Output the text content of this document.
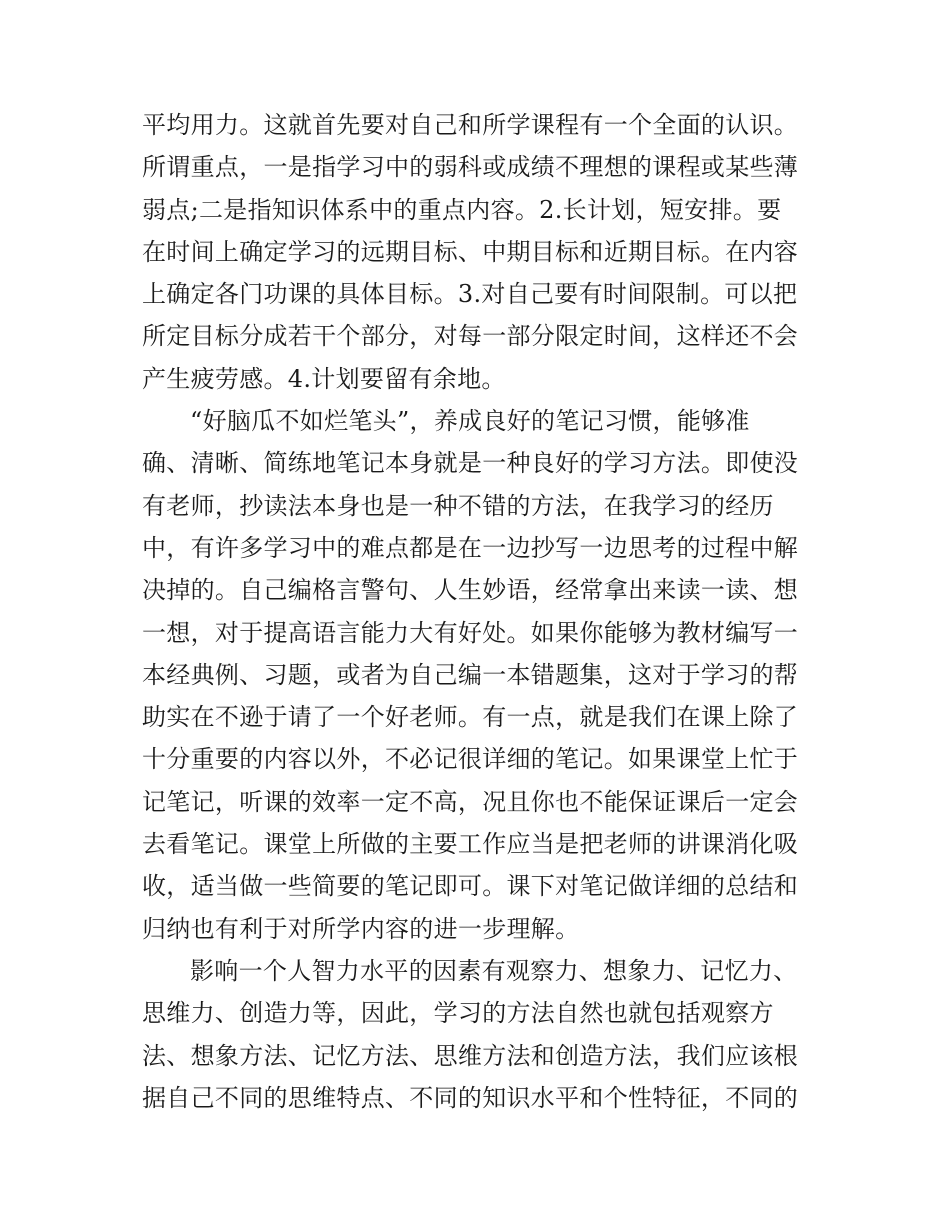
平均用力。这就首先要对自己和所学课程有一个全面的认识。
所谓重点，一是指学习中的弱科或成绩不理想的课程或某些薄
弱点;二是指知识体系中的重点内容。2.长计划，短安排。要
在时间上确定学习的远期目标、中期目标和近期目标。在内容
上确定各门功课的具体目标。3.对自己要有时间限制。可以把
所定目标分成若干个部分，对每一部分限定时间，这样还不会
产生疲劳感。4.计划要留有余地。
“好脑瓜不如烂笔头”，养成良好的笔记习惯，能够准
确、清晰、简练地笔记本身就是一种良好的学习方法。即使没
有老师，抄读法本身也是一种不错的方法，在我学习的经历
中，有许多学习中的难点都是在一边抄写一边思考的过程中解
决掉的。自己编格言警句、人生妙语，经常拿出来读一读、想
一想，对于提高语言能力大有好处。如果你能够为教材编写一
本经典例、习题，或者为自己编一本错题集，这对于学习的帮
助实在不逊于请了一个好老师。有一点，就是我们在课上除了
十分重要的内容以外，不必记很详细的笔记。如果课堂上忙于
记笔记，听课的效率一定不高，况且你也不能保证课后一定会
去看笔记。课堂上所做的主要工作应当是把老师的讲课消化吸
收，适当做一些简要的笔记即可。课下对笔记做详细的总结和
归纳也有利于对所学内容的进一步理解。
影响一个人智力水平的因素有观察力、想象力、记忆力、
思维力、创造力等，因此，学习的方法自然也就包括观察方
法、想象方法、记忆方法、思维方法和创造方法，我们应该根
据自己不同的思维特点、不同的知识水平和个性特征，不同的
